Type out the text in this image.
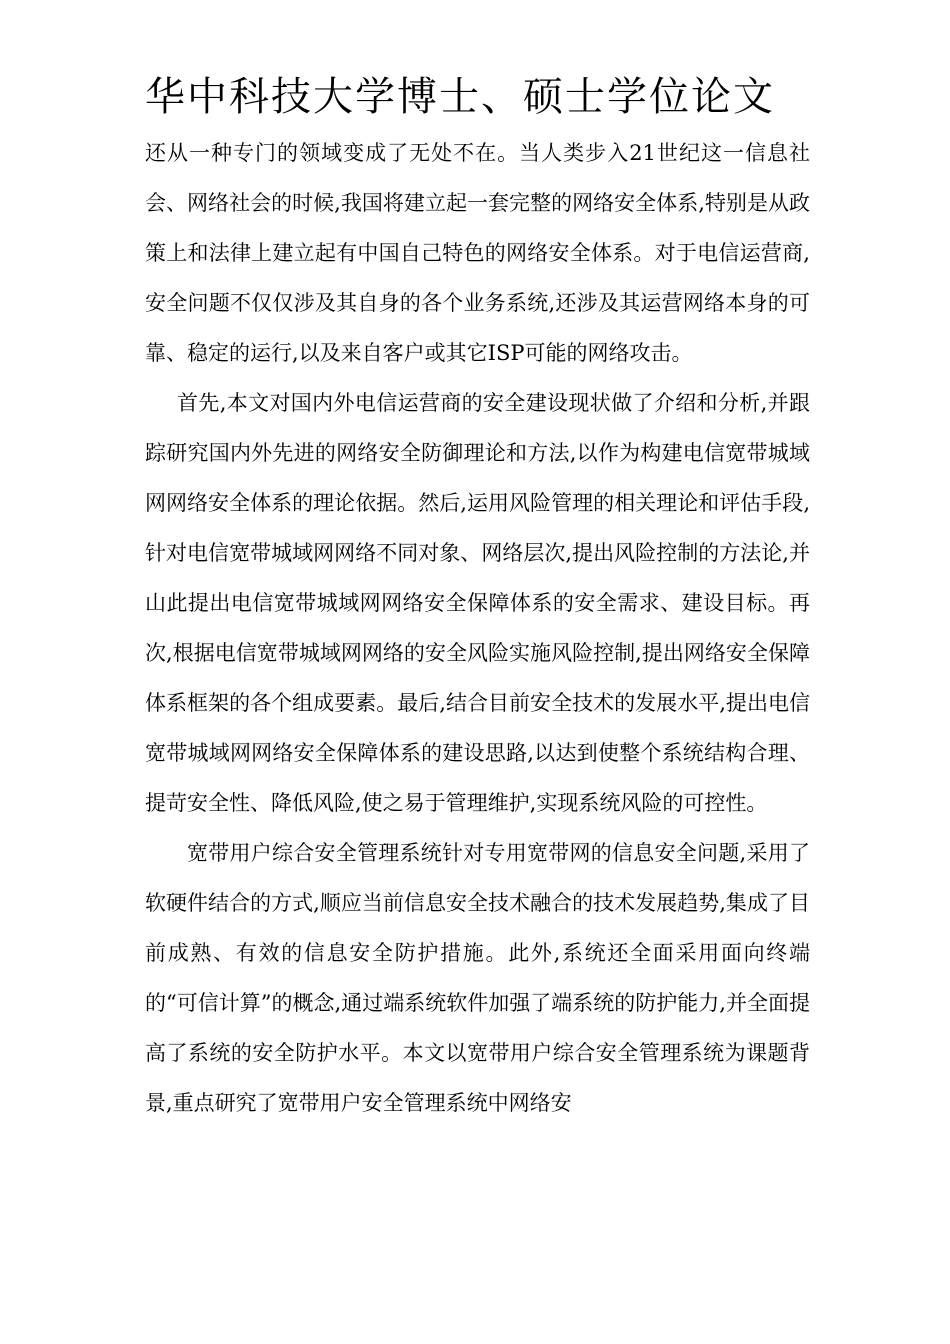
华中科技大学博士、硕士学位论文

还从一种专门的领域变成了无处不在。当人类步入21世纪这一信息社会、网络社会的时候,我国将建立起一套完整的网络安全体系,特别是从政策上和法律上建立起有中国自己特色的网络安全体系。对于电信运营商,安全问题不仅仅涉及其自身的各个业务系统,还涉及其运营网络本身的可靠、稳定的运行,以及来自客户或其它ISP可能的网络攻击。

首先,本文对国内外电信运营商的安全建设现状做了介绍和分析,并跟踪研究国内外先进的网络安全防御理论和方法,以作为构建电信宽带城域网网络安全体系的理论依据。然后,运用风险管理的相关理论和评估手段,针对电信宽带城域网网络不同对象、网络层次,提出风险控制的方法论,并山此提出电信宽带城域网网络安全保障体系的安全需求、建设目标。再次,根据电信宽带城域网网络的安全风险实施风险控制,提出网络安全保障体系框架的各个组成要素。最后,结合目前安全技术的发展水平,提出电信宽带城域网网络安全保障体系的建设思路,以达到使整个系统结构合理、提苛安全性、降低风险,使之易于管理维护,实现系统风险的可控性。

宽带用户综合安全管理系统针对专用宽带网的信息安全问题,采用了软硬件结合的方式,顺应当前信息安全技术融合的技术发展趋势,集成了目前成熟、有效的信息安全防护措施。此外,系统还全面采用面向终端的“可信计算”的概念,通过端系统软件加强了端系统的防护能力,并全面提高了系统的安全防护水平。本文以宽带用户综合安全管理系统为课题背景,重点研究了宽带用户安全管理系统中网络安
